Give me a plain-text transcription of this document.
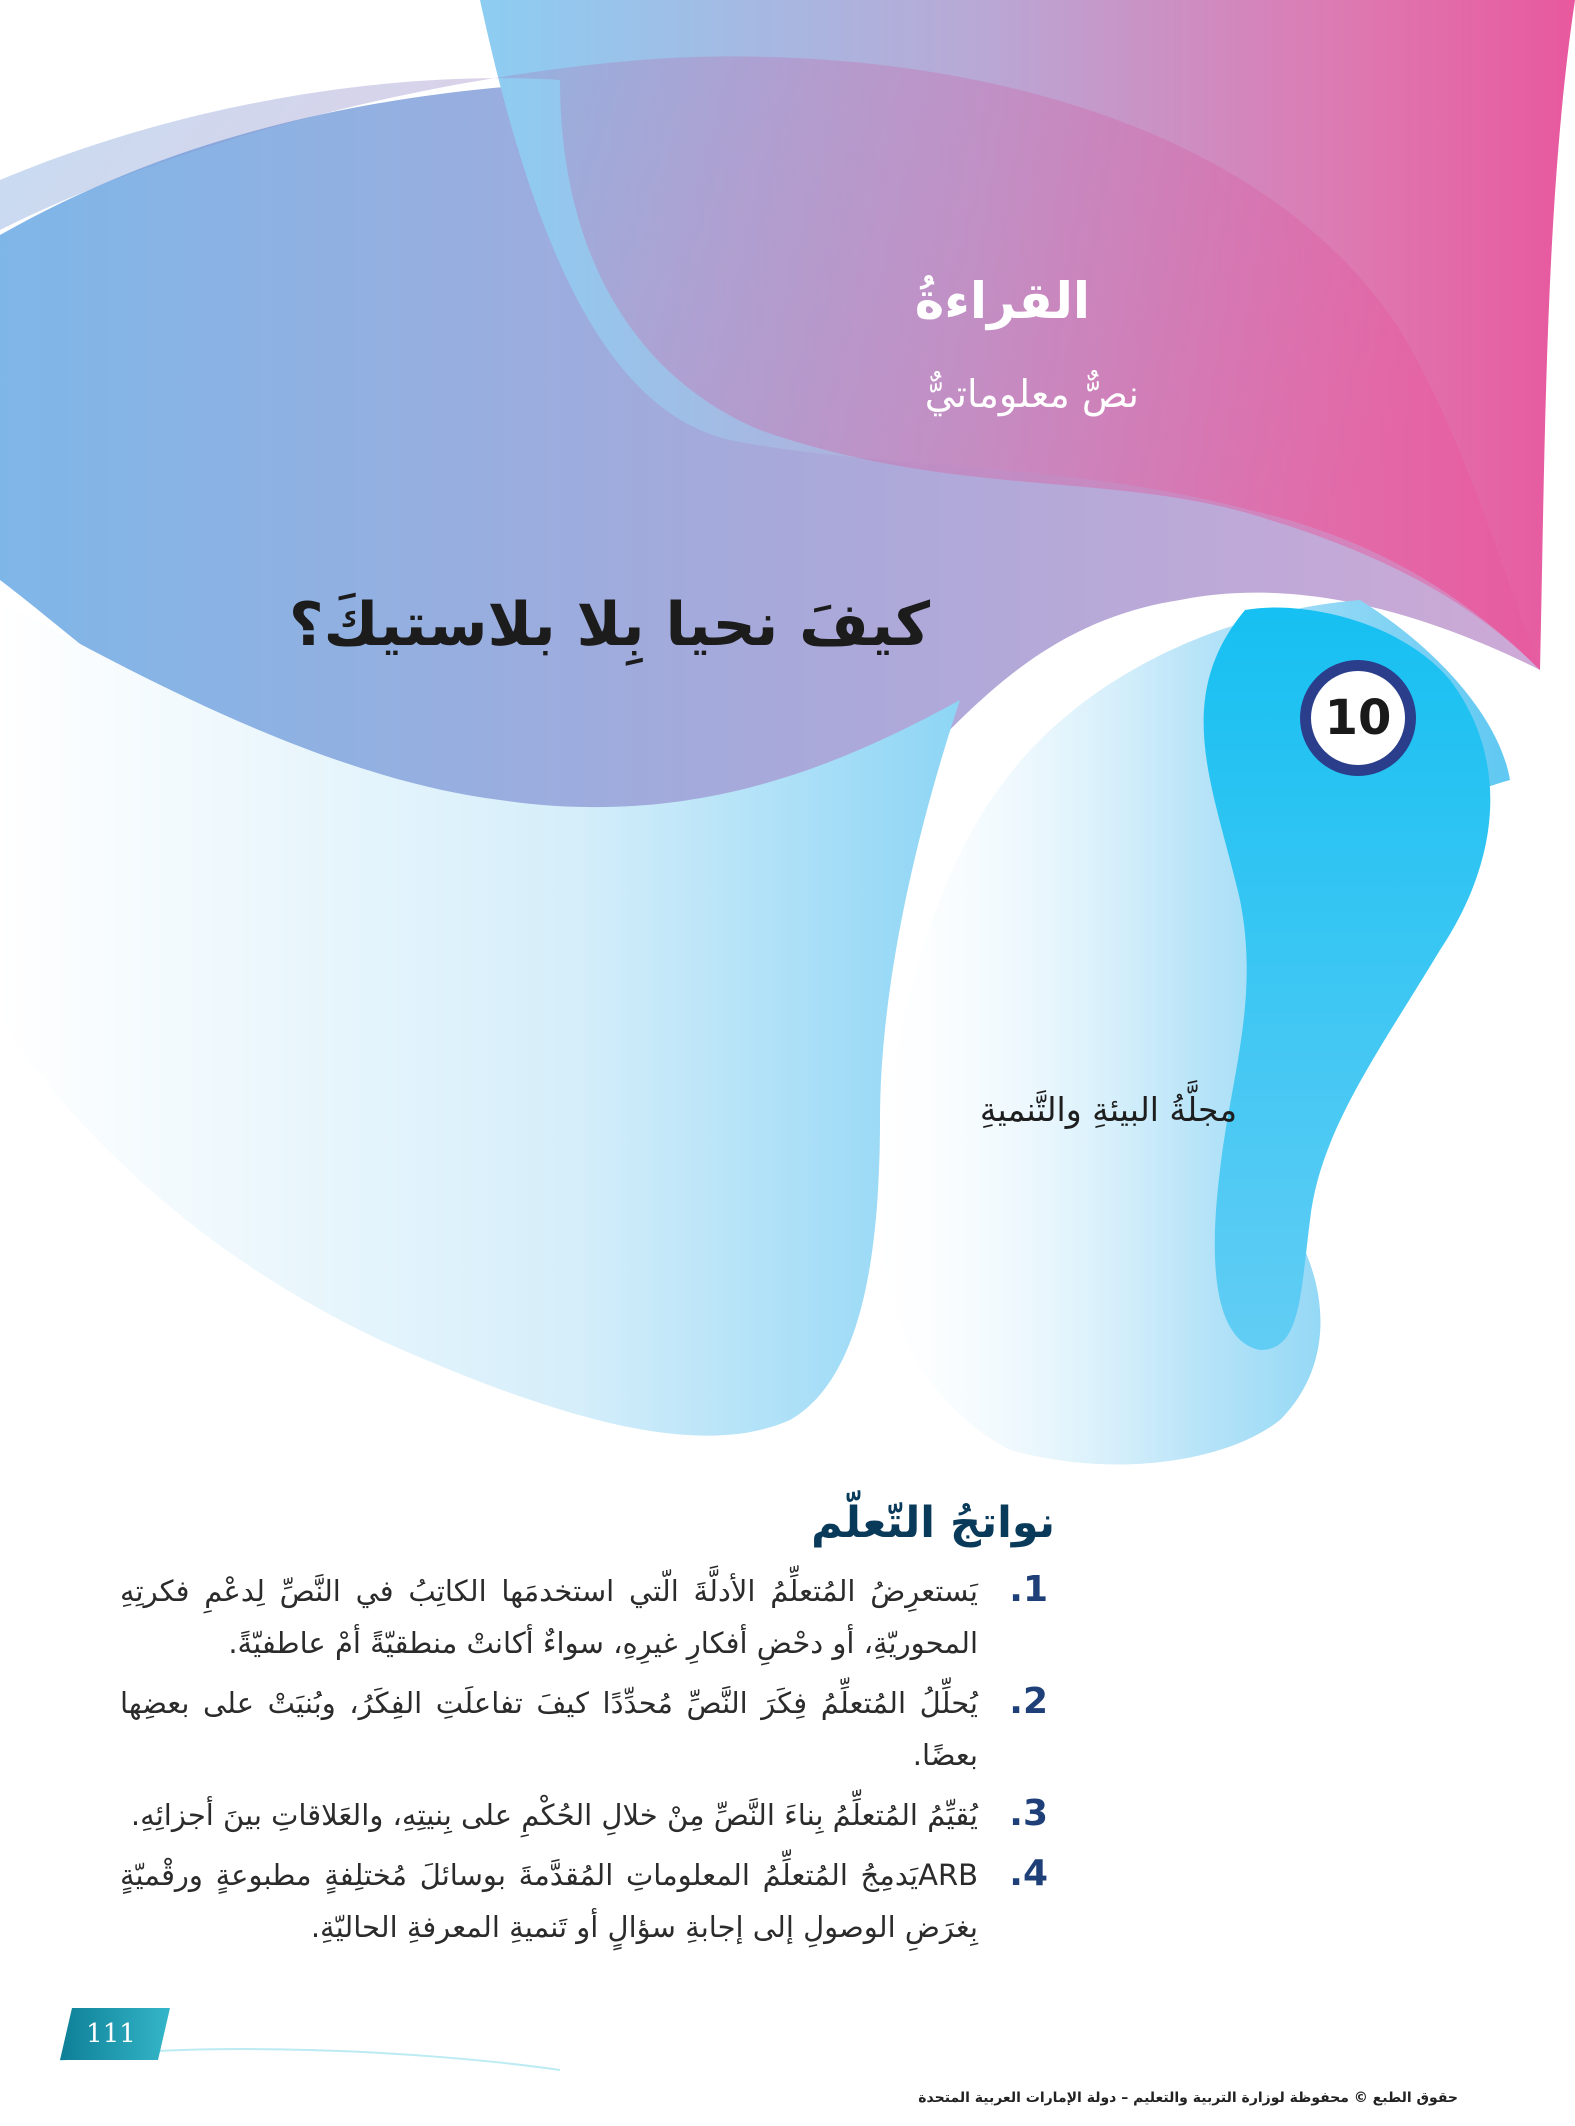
القراءةُ
نصٌّ معلوماتيٌّ
كيفَ نحيا بِلا بلاستيكَ؟
10
مجلَّةُ البيئةِ والتَّنميةِ
نواتجُ التّعلّم
1.
يَستعرِضُ المُتعلِّمُ الأدلَّةَ الّتي استخدمَها الكاتِبُ في النَّصِّ لِدعْمِ فكرتِهِ المحوريّةِ، أو دحْضِ أفكارِ غيرِهِ، سواءٌ أكانتْ منطقيّةً أمْ عاطفيّةً.
2.
يُحلِّلُ المُتعلِّمُ فِكَرَ النَّصِّ مُحدِّدًا كيفَ تفاعلَتِ الفِكَرُ، وبُنيَتْ على بعضِها بعضًا.
3.
يُقيِّمُ المُتعلِّمُ بِناءَ النَّصِّ مِنْ خلالِ الحُكْمِ على بِنيتِهِ، والعَلاقاتِ بينَ أجزائِهِ.
4.
ARBيَدمِجُ المُتعلِّمُ المعلوماتِ المُقدَّمةَ بوسائلَ مُختلِفةٍ مطبوعةٍ ورقْميّةٍ بِغرَضِ الوصولِ إلى إجابةِ سؤالٍ أو تَنميةِ المعرفةِ الحاليّةِ.
111
حقوق الطبع © محفوظة لوزارة التربية والتعليم – دولة الإمارات العربية المتحدة
